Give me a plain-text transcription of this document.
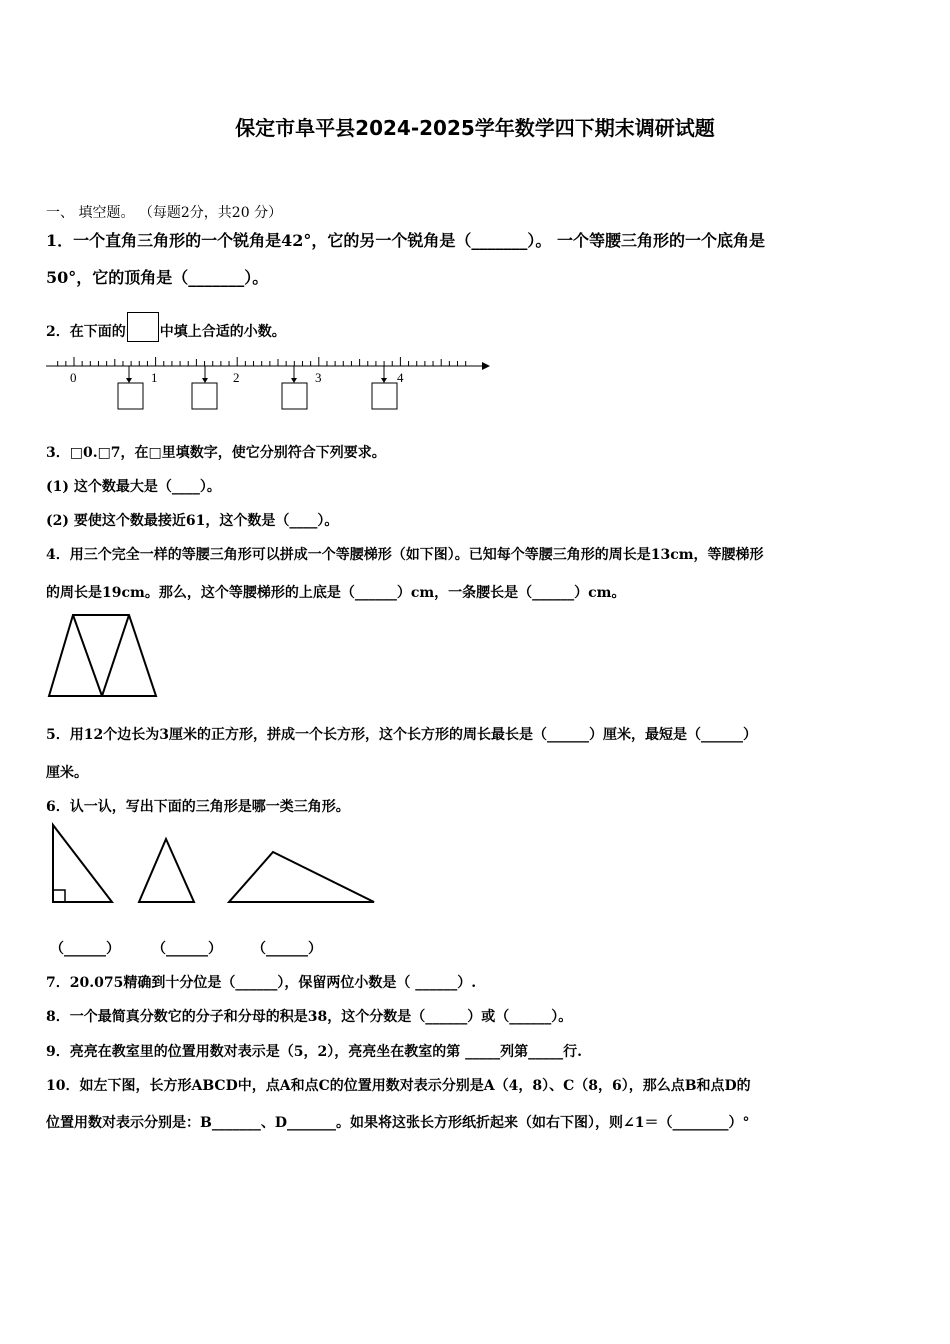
保定市阜平县2024-2025学年数学四下期末调研试题
一、 填空题。 （每题2分，共20 分）
1．一个直角三角形的一个锐角是42°，它的另一个锐角是（_______）。 一个等腰三角形的一个底角是
50°，它的顶角是（_______）。
2．在下面的 中填上合适的小数。
0	1	2	3	4
3．□0.□7，在□里填数字，使它分别符合下列要求。
(1) 这个数最大是（____）。
(2) 要使这个数最接近61，这个数是（____）。
4．用三个完全一样的等腰三角形可以拼成一个等腰梯形（如下图）。已知每个等腰三角形的周长是13cm，等腰梯形
的周长是19cm。那么，这个等腰梯形的上底是（______）cm，一条腰长是（______）cm。
5．用12个边长为3厘米的正方形，拼成一个长方形，这个长方形的周长最长是（______）厘米，最短是（______）
厘米。
6．认一认，写出下面的三角形是哪一类三角形。
（______） （______） （______）
7．20.075精确到十分位是（______），保留两位小数是（ ______）.
8．一个最简真分数它的分子和分母的积是38，这个分数是（______）或（______）。
9．亮亮在教室里的位置用数对表示是（5，2），亮亮坐在教室的第 _____列第_____行.
10．如左下图，长方形ABCD中，点A和点C的位置用数对表示分别是A（4，8）、C（8，6），那么点B和点D的
位置用数对表示分别是：B_______、D_______。如果将这张长方形纸折起来（如右下图），则∠1＝（________）°
